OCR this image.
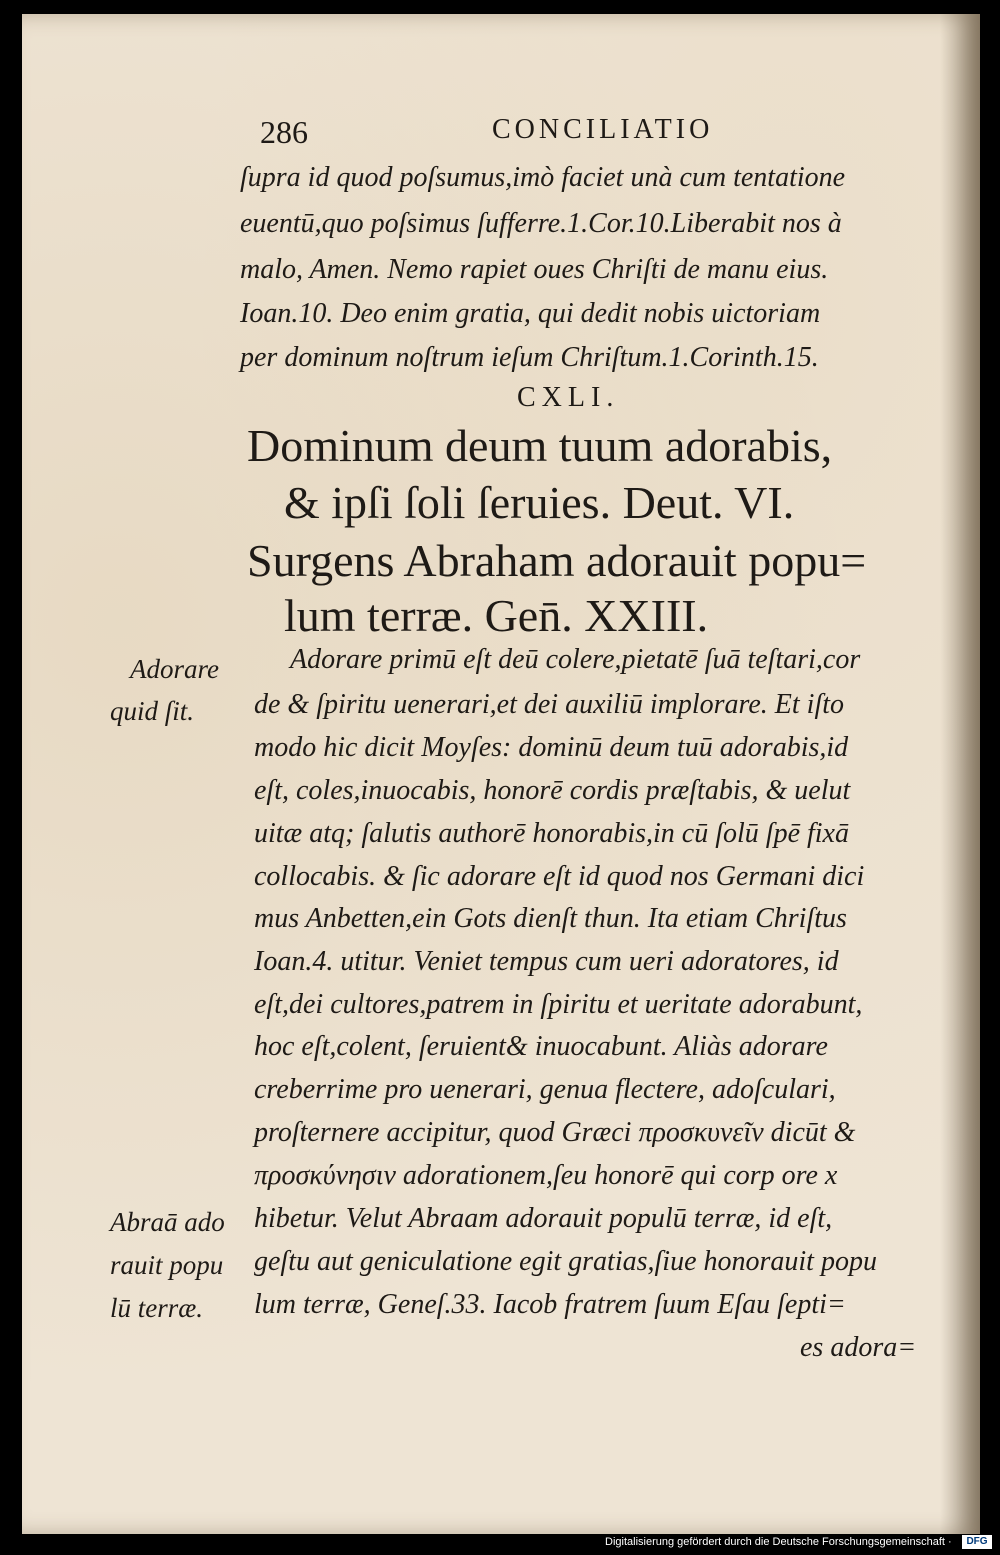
286	CONCILIATIO
ſupra id quod poſsumus,imò faciet unà cum tentatione
euentū,quo poſsimus ſufferre.1.Cor.10.Liberabit nos à
malo, Amen. Nemo rapiet oues Chriſti de manu eius.
Ioan.10. Deo enim gratia, qui dedit nobis uictoriam
per dominum noſtrum ieſum Chriſtum.1.Corinth.15.
CXLI.
Dominum deum tuum adorabis,
& ipſi ſoli ſeruies. Deut. VI.
Surgens Abraham adorauit popu=
lum terræ. Gen̄. XXIII.
Adorare primū eſt deū colere,pietatē ſuā teſtari,cor
de & ſpiritu uenerari,et dei auxiliū implorare. Et iſto
modo hic dicit Moyſes: dominū deum tuū adorabis,id
eſt, coles,inuocabis, honorē cordis præſtabis, & uelut
uitæ atq; ſalutis authorē honorabis,in cū ſolū ſpē fixā
collocabis. & ſic adorare eſt id quod nos Germani dici
mus Anbetten,ein Gots dienſt thun. Ita etiam Chriſtus
Ioan.4. utitur. Veniet tempus cum ueri adoratores, id
eſt,dei cultores,patrem in ſpiritu et ueritate adorabunt,
hoc eſt,colent, ſeruient& inuocabunt. Aliàs adorare
creberrime pro uenerari, genua flectere, adoſculari,
proſternere accipitur, quod Græci προσκυνεῖν dicūt &
προσκύνησιν adorationem,ſeu honorē qui corp ore x
hibetur. Velut Abraam adorauit populū terræ, id eſt,
geſtu aut geniculatione egit gratias,ſiue honorauit popu
lum terræ, Geneſ.33. Iacob fratrem ſuum Eſau ſepti=
es adora=
Adorare
quid ſit.
Abraā ado
rauit popu
lū terræ.
Digitalisierung gefördert durch die Deutsche Forschungsgemeinschaft ·	DFG
